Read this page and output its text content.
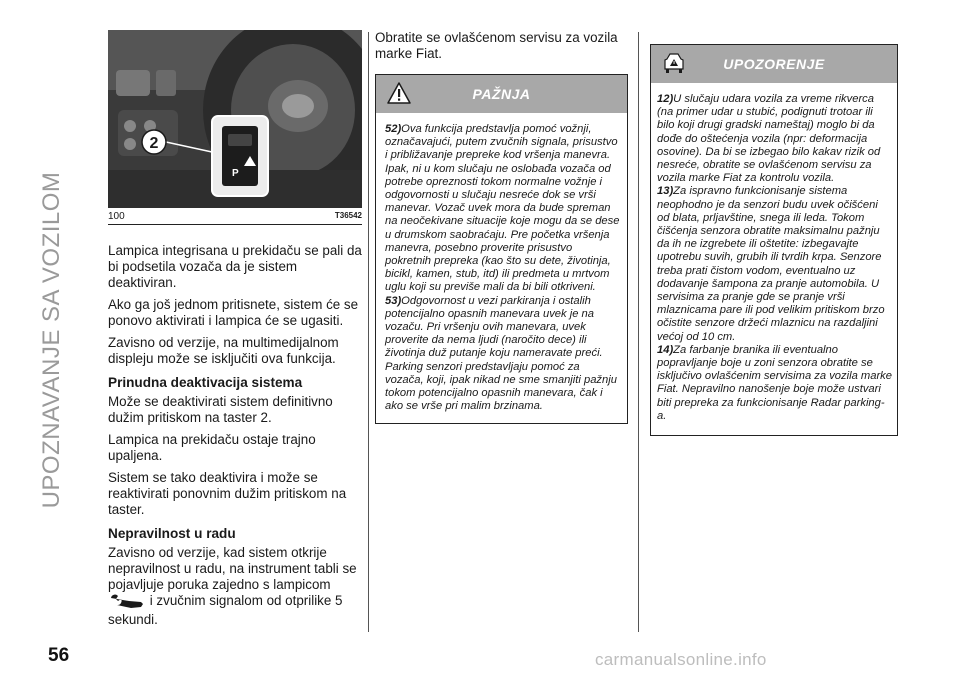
UPOZNAVANJE SA VOZILOM	P
2
100	T36542

Lampica integrisana u prekidaču se pali da bi podsetila vozača da je sistem deaktiviran.

Ako ga još jednom pritisnete, sistem će se ponovo aktivirati i lampica će se ugasiti.

Zavisno od verzije, na multimedijalnom displeju može se isključiti ova funkcija.

Prinudna deaktivacija sistema

Može se deaktivirati sistem definitivno dužim pritiskom na taster 2.

Lampica na prekidaču ostaje trajno upaljena.

Sistem se tako deaktivira i može se reaktivirati ponovnim dužim pritiskom na taster.

Nepravilnost u radu

Zavisno od verzije, kad sistem otkrije nepravilnost u radu, na instrument tabli se pojavljuje poruka zajedno s lampicom  i zvučnim signalom od otprilike 5 sekundi.

Obratite se ovlašćenom servisu za vozila marke Fiat.

PAŽNJA

52)Ova funkcija predstavlja pomoć vožnji, označavajući, putem zvučnih signala, prisustvo i približavanje prepreke kod vršenja manevra. Ipak, ni u kom slučaju ne oslobađa vozača od potrebe opreznosti tokom normalne vožnje i odgovornosti u slučaju nesreće dok se vrši manevar. Vozač uvek mora da bude spreman na neočekivane situacije koje mogu da se dese u drumskom saobraćaju. Pre početka vršenja manevra, posebno proverite prisustvo pokretnih prepreka (kao što su dete, životinja, bicikl, kamen, stub, itd) ili predmeta u mrtvom uglu koji su previše mali da bi bili otkriveni.

53)Odgovornost u vezi parkiranja i ostalih potencijalno opasnih manevara uvek je na vozaču. Pri vršenju ovih manevara, uvek proverite da nema ljudi (naročito dece) ili životinja duž putanje koju nameravate preći. Parking senzori predstavljaju pomoć za vozača, koji, ipak nikad ne sme smanjiti pažnju tokom potencijalno opasnih manevara, čak i ako se vrše pri malim brzinama.

UPOZORENJE

12)U slučaju udara vozila za vreme rikverca (na primer udar u stubić, podignuti trotoar ili bilo koji drugi gradski nameštaj) moglo bi da dođe do oštećenja vozila (npr: deformacija osovine). Da bi se izbegao bilo kakav rizik od nesreće, obratite se ovlašćenom servisu za vozila marke Fiat za kontrolu vozila.

13)Za ispravno funkcionisanje sistema neophodno je da senzori budu uvek očišćeni od blata, prljavštine, snega ili leda. Tokom čišćenja senzora obratite maksimalnu pažnju da ih ne izgrebete ili oštetite: izbegavajte upotrebu suvih, grubih ili tvrdih krpa. Senzore treba prati čistom vodom, eventualno uz dodavanje šampona za pranje automobila. U servisima za pranje gde se pranje vrši mlaznicama pare ili pod velikim pritiskom brzo očistite senzore držeći mlaznicu na razdaljini većoj od 10 cm.

14)Za farbanje branika ili eventualno popravljanje boje u zoni senzora obratite se isključivo ovlašćenim servisima za vozila marke Fiat. Nepravilno nanošenje boje može ustvari biti prepreka za funkcionisanje Radar parking-a.

56	carmanualsonline.info
